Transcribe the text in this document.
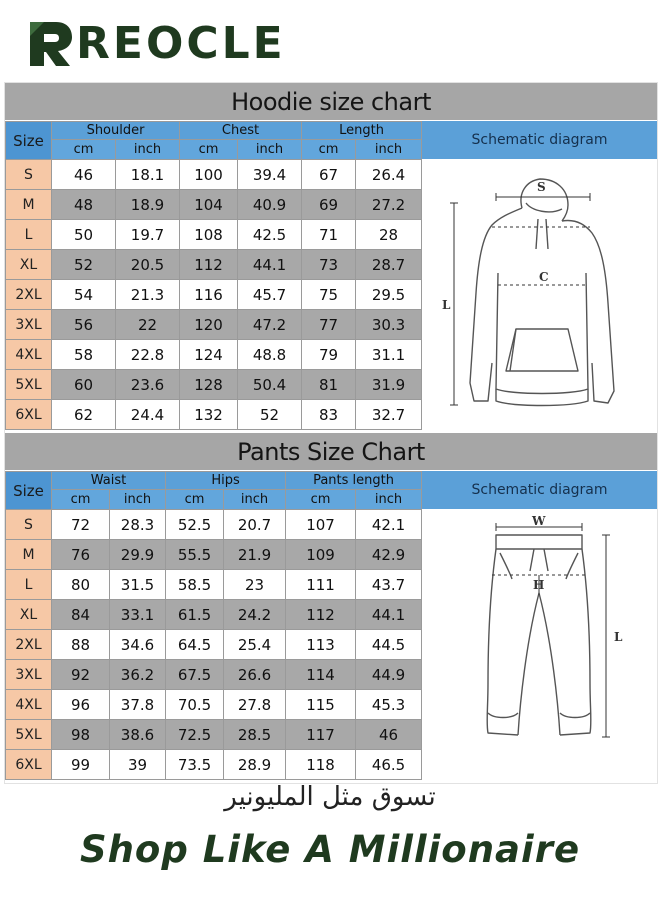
REOCLE
Hoodie size chart
Size	Shoulder		Chest		Length	
	cm	inch	cm	inch	cm	inch
S	46	18.1	100	39.4	67	26.4
M	48	18.9	104	40.9	69	27.2
L	50	19.7	108	42.5	71	28
XL	52	20.5	112	44.1	73	28.7
2XL	54	21.3	116	45.7	75	29.5
3XL	56	22	120	47.2	77	30.3
4XL	58	22.8	124	48.8	79	31.1
5XL	60	23.6	128	50.4	81	31.9
6XL	62	24.4	132	52	83	32.7
Schematic diagram
S
C
L
Pants Size Chart
Size	Waist		Hips		Pants length	
	cm	inch	cm	inch	cm	inch
S	72	28.3	52.5	20.7	107	42.1
M	76	29.9	55.5	21.9	109	42.9
L	80	31.5	58.5	23	111	43.7
XL	84	33.1	61.5	24.2	112	44.1
2XL	88	34.6	64.5	25.4	113	44.5
3XL	92	36.2	67.5	26.6	114	44.9
4XL	96	37.8	70.5	27.8	115	45.3
5XL	98	38.6	72.5	28.5	117	46
6XL	99	39	73.5	28.9	118	46.5
Schematic diagram
W
H
L
تسوق مثل المليونير
Shop Like A Millionaire
